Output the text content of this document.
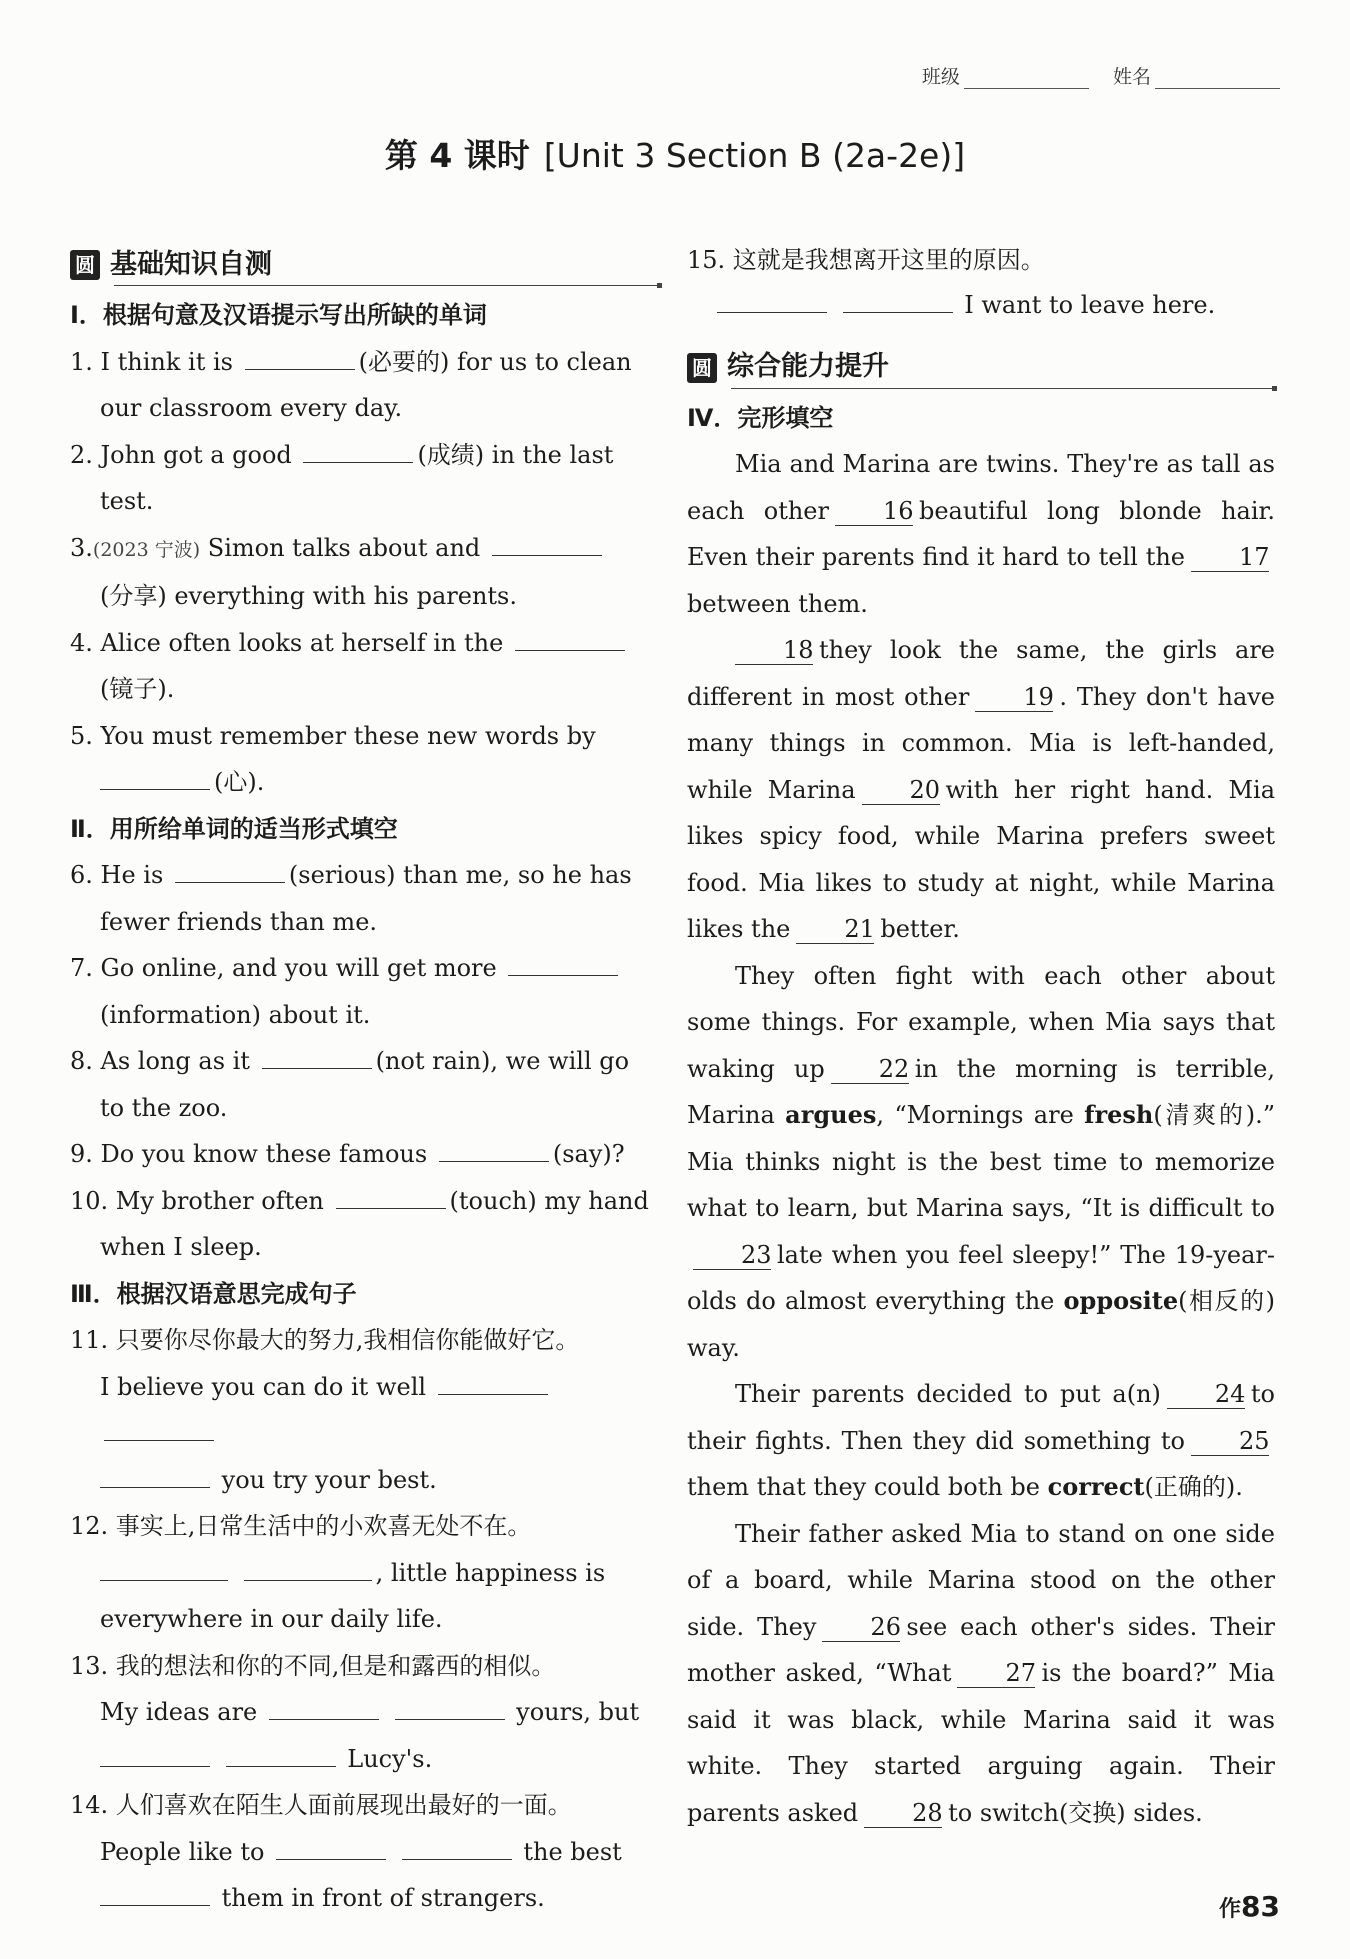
班级	姓名
第 4 课时 [Unit 3 Section B (2a-2e)]
圆 基础知识自测
Ⅰ．根据句意及汉语提示写出所缺的单词
1. I think it is	(必要的) for us to clean
our classroom every day.
2. John got a good	(成绩) in the last
test.
3.(2023 宁波) Simon talks about and
(分享) everything with his parents.
4. Alice often looks at herself in the
(镜子).
5. You must remember these new words by
(心).
Ⅱ．用所给单词的适当形式填空
6. He is	(serious) than me, so he has
fewer friends than me.
7. Go online, and you will get more
(information) about it.
8. As long as it	(not rain), we will go
to the zoo.
9. Do you know these famous	(say)?
10. My brother often	(touch) my hand
when I sleep.
Ⅲ．根据汉语意思完成句子
11. 只要你尽你最大的努力,我相信你能做好它。
I believe you can do it well
you try your best.
12. 事实上,日常生活中的小欢喜无处不在。
, little happiness is
everywhere in our daily life.
13. 我的想法和你的不同,但是和露西的相似。
My ideas are	yours, but
Lucy's.
14. 人们喜欢在陌生人面前展现出最好的一面。
People like to	the best
them in front of strangers.
15. 这就是我想离开这里的原因。
I want to leave here.
圆 综合能力提升
Ⅳ．完形填空
Mia and Marina are twins. They're as tall as each other 16 beautiful long blonde hair. Even their parents find it hard to tell the 17between them.
18 they look the same, the girls are different in most other 19 . They don't have many things in common. Mia is left-handed, while Marina 20 with her right hand. Mia likes spicy food, while Marina prefers sweet food. Mia likes to study at night, while Marina likes the 21 better.
They often fight with each other about some things. For example, when Mia says that waking up 22 in the morning is terrible, Marina argues, “Mornings are fresh(清爽的).” Mia thinks night is the best time to memorize what to learn, but Marina says, “It is difficult to23 late when you feel sleepy!” The 19-year-olds do almost everything the opposite(相反的) way.
Their parents decided to put a(n) 24 to their fights. Then they did something to 25them that they could both be correct(正确的).
Their father asked Mia to stand on one side of a board, while Marina stood on the other side. They 26 see each other's sides. Their mother asked, “What 27 is the board?” Mia said it was black, while Marina said it was white. They started arguing again. Their parents asked 28 to switch(交换) sides.
作83
